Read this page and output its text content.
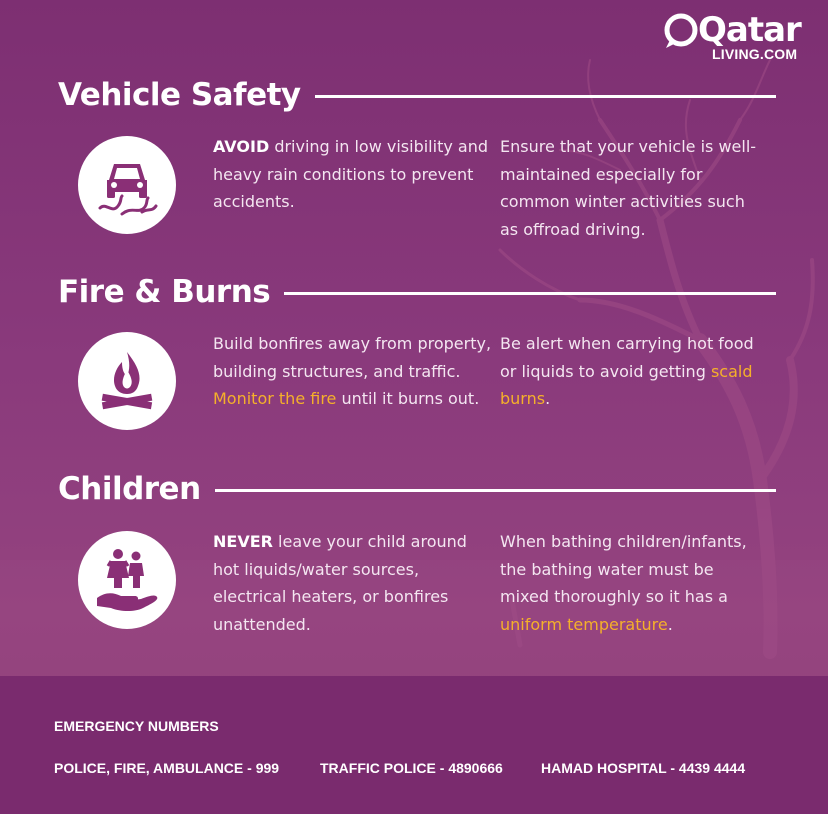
Qatar
LIVING.COM
Vehicle Safety
AVOID driving in low visibility and heavy rain conditions to prevent accidents.
Ensure that your vehicle is well-maintained especially for common winter activities such as offroad driving.
Fire & Burns
Build bonfires away from property, building structures, and traffic. Monitor the fire until it burns out.
Be alert when carrying hot food or liquids to avoid getting scald burns.
Children
NEVER leave your child around hot liquids/water sources, electrical heaters, or bonfires unattended.
When bathing children/infants, the bathing water must be mixed thoroughly so it has a uniform temperature.
EMERGENCY NUMBERS
POLICE, FIRE, AMBULANCE - 999	TRAFFIC POLICE - 4890666	HAMAD HOSPITAL - 4439 4444
